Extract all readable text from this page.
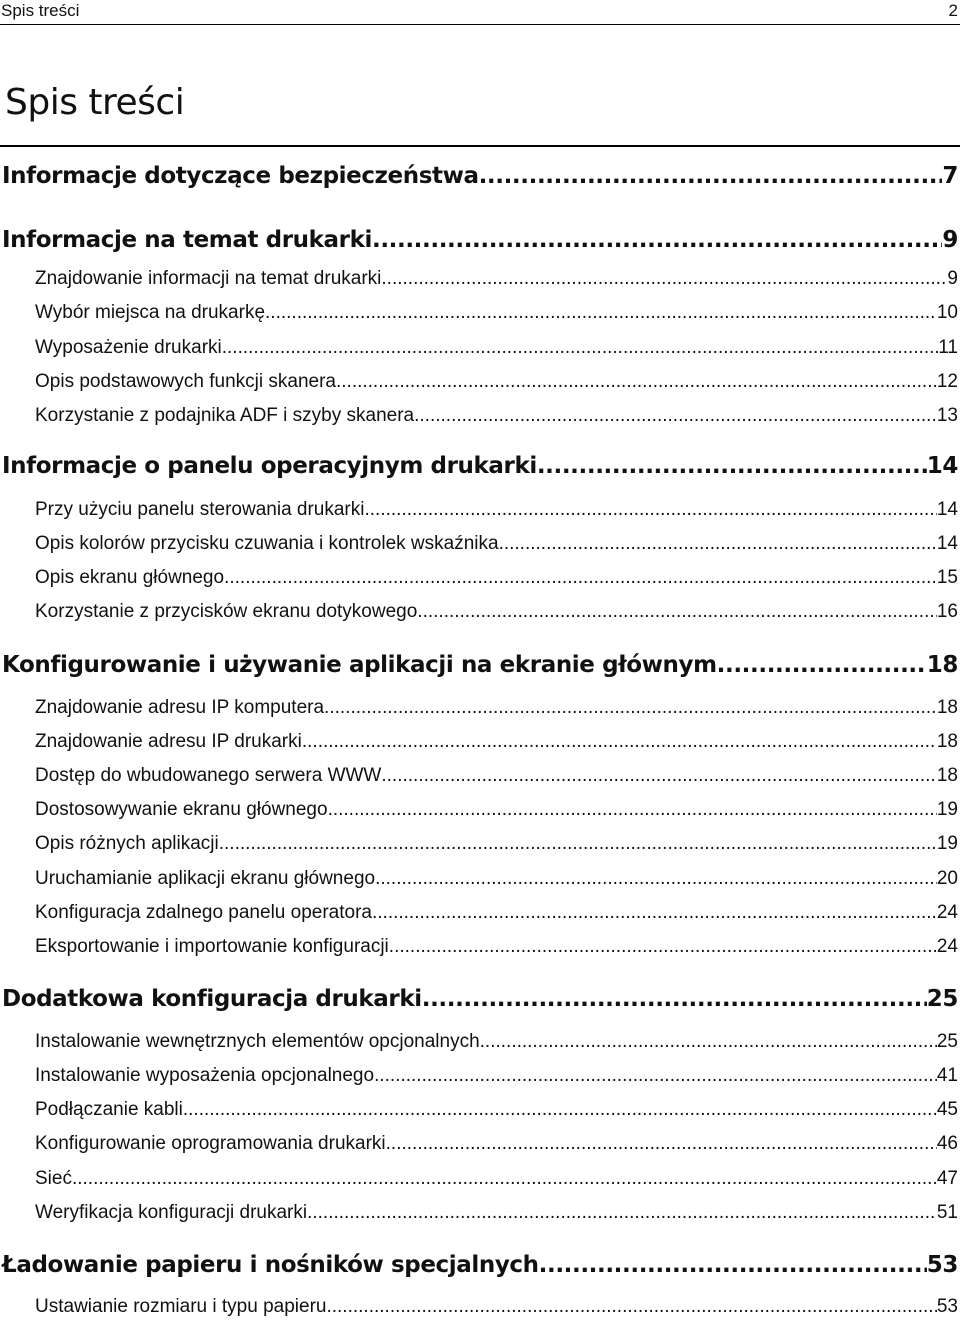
Spis treści	2
Spis treści
Informacje dotyczące bezpieczeństwa .....	7
Informacje na temat drukarki .....	9
Znajdowanie informacji na temat drukarki .....	9
Wybór miejsca na drukarkę .....	10
Wyposażenie drukarki .....	11
Opis podstawowych funkcji skanera .....	12
Korzystanie z podajnika ADF i szyby skanera .....	13
Informacje o panelu operacyjnym drukarki .....	14
Przy użyciu panelu sterowania drukarki .....	14
Opis kolorów przycisku czuwania i kontrolek wskaźnika .....	14
Opis ekranu głównego .....	15
Korzystanie z przycisków ekranu dotykowego .....	16
Konfigurowanie i używanie aplikacji na ekranie głównym .....	18
Znajdowanie adresu IP komputera .....	18
Znajdowanie adresu IP drukarki .....	18
Dostęp do wbudowanego serwera WWW .....	18
Dostosowywanie ekranu głównego .....	19
Opis różnych aplikacji .....	19
Uruchamianie aplikacji ekranu głównego .....	20
Konfiguracja zdalnego panelu operatora .....	24
Eksportowanie i importowanie konfiguracji .....	24
Dodatkowa konfiguracja drukarki .....	25
Instalowanie wewnętrznych elementów opcjonalnych .....	25
Instalowanie wyposażenia opcjonalnego .....	41
Podłączanie kabli .....	45
Konfigurowanie oprogramowania drukarki .....	46
Sieć .....	47
Weryfikacja konfiguracji drukarki .....	51
Ładowanie papieru i nośników specjalnych .....	53
Ustawianie rozmiaru i typu papieru .....	53
